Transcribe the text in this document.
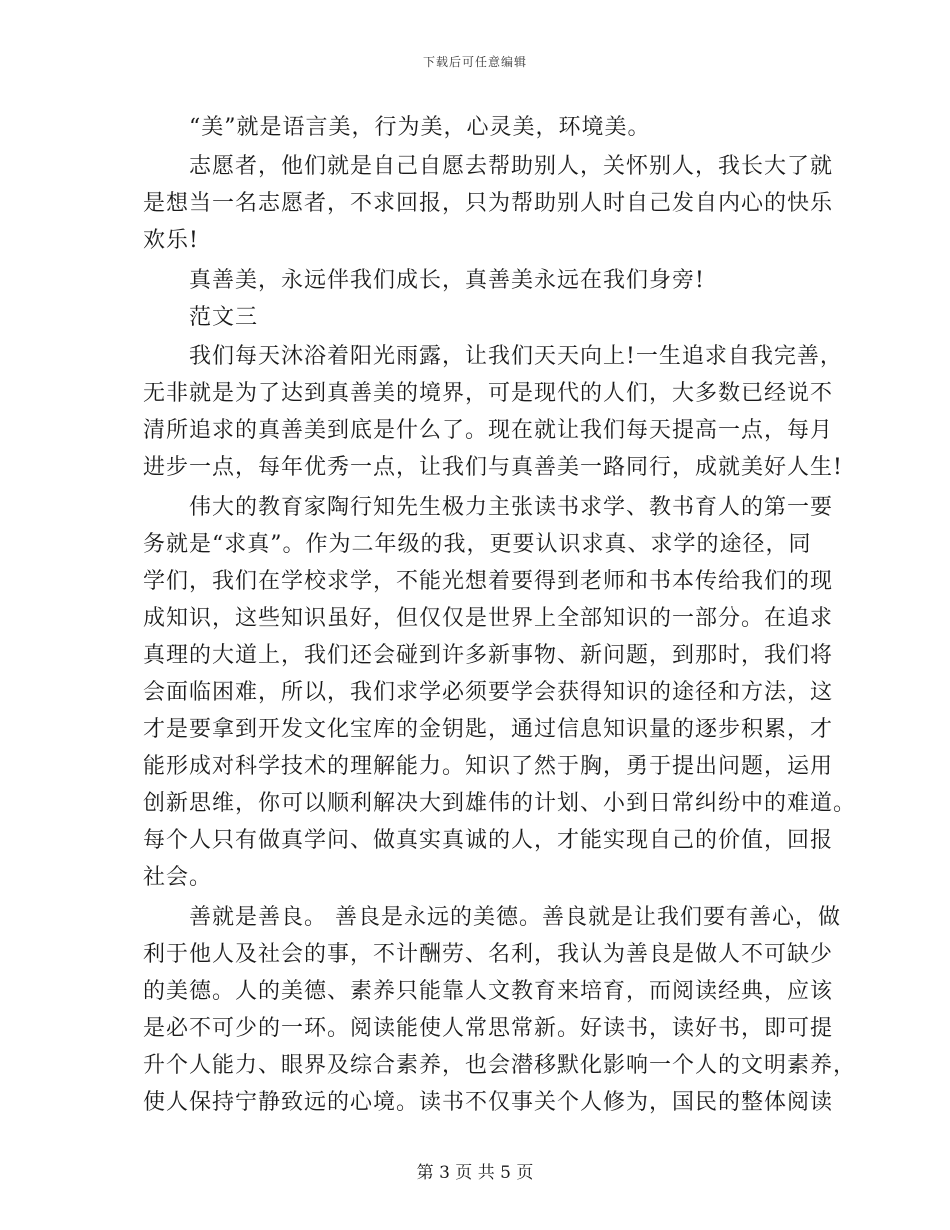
下载后可任意编辑
“美”就是语言美，行为美，心灵美，环境美。
志愿者，他们就是自己自愿去帮助别人，关怀别人，我长大了就
是想当一名志愿者，不求回报，只为帮助别人时自己发自内心的快乐
欢乐!
真善美，永远伴我们成长，真善美永远在我们身旁!
范文三
我们每天沐浴着阳光雨露，让我们天天向上!一生追求自我完善，
无非就是为了达到真善美的境界，可是现代的人们，大多数已经说不
清所追求的真善美到底是什么了。现在就让我们每天提高一点，每月
进步一点，每年优秀一点，让我们与真善美一路同行，成就美好人生!
伟大的教育家陶行知先生极力主张读书求学、教书育人的第一要
务就是“求真”。作为二年级的我，更要认识求真、求学的途径，同
学们，我们在学校求学，不能光想着要得到老师和书本传给我们的现
成知识，这些知识虽好，但仅仅是世界上全部知识的一部分。在追求
真理的大道上，我们还会碰到许多新事物、新问题，到那时，我们将
会面临困难，所以，我们求学必须要学会获得知识的途径和方法，这
才是要拿到开发文化宝库的金钥匙，通过信息知识量的逐步积累，才
能形成对科学技术的理解能力。知识了然于胸，勇于提出问题，运用
创新思维，你可以顺利解决大到雄伟的计划、小到日常纠纷中的难道。
每个人只有做真学问、做真实真诚的人，才能实现自己的价值，回报
社会。
善就是善良。 善良是永远的美德。善良就是让我们要有善心，做
利于他人及社会的事，不计酬劳、名利，我认为善良是做人不可缺少
的美德。人的美德、素养只能靠人文教育来培育，而阅读经典，应该
是必不可少的一环。阅读能使人常思常新。好读书，读好书，即可提
升个人能力、眼界及综合素养，也会潜移默化影响一个人的文明素养，
使人保持宁静致远的心境。读书不仅事关个人修为，国民的整体阅读
第 3 页 共 5 页
